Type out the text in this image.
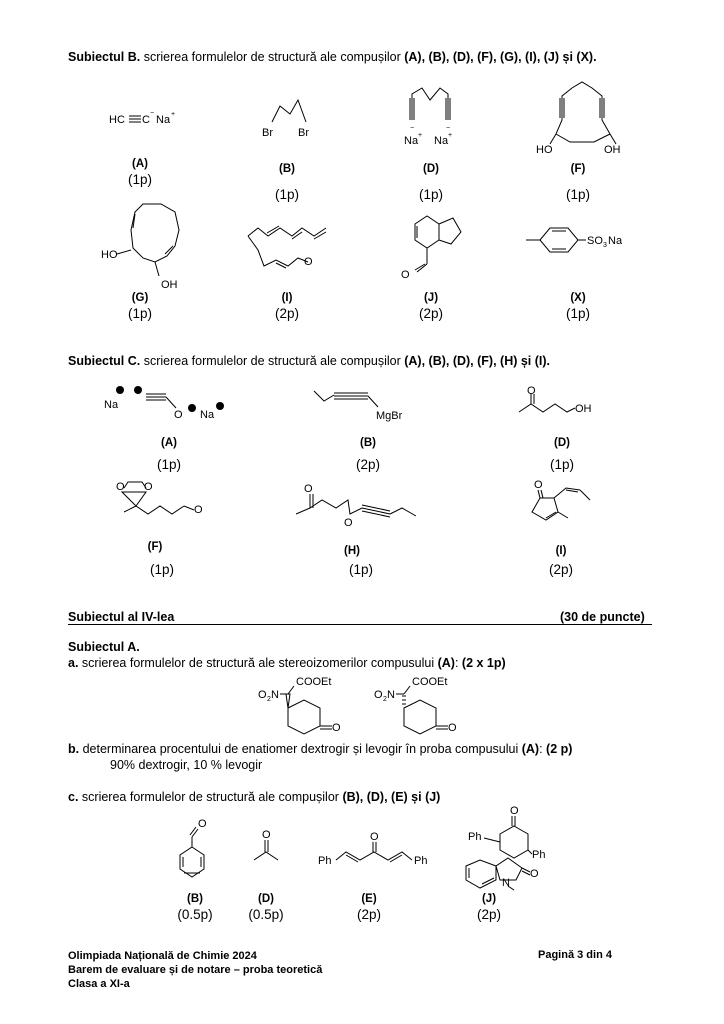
Subiectul B. scrierea formulelor de structură ale compușilor (A), (B), (D), (F), (G), (I), (J) și (X).
HC C
−
Na +
Br Br	−	−
Na + Na +
HO	OH
(A)
(1p)
(B)
(1p)
(D)
(1p)
(F)
(1p)
HO
OH
O
O
SO 3 Na
(G)
(1p)
(I)
(2p)
(J)
(2p)
(X)
(1p)
Subiectul C. scrierea formulelor de structură ale compușilor (A), (B), (D), (F), (H) și (I).
Na
O Na	MgBr
O
OH
(A)
(1p)
(B)
(2p)
(D)
(1p)
O O
O
O
O
O
(F)
(1p)
(H)
(1p)
(I)
(2p)
Subiectul al IV-lea	(30 de puncte)
Subiectul A.
a. scrierea formulelor de structură ale stereoizomerilor compusului (A): (2 x 1p)
COOEt
O 2 N
O
COOEt
O 2 N
O
b. determinarea procentului de enatiomer dextrogir și levogir în proba compusului (A): (2 p)
90% dextrogir, 10 % levogir
c. scrierea formulelor de structură ale compușilor (B), (D), (E) și (J)
O
O	O
Ph	Ph
O
Ph
Ph
O
N
(B)
(0.5p)
(D)
(0.5p)
(E)
(2p)
(J)
(2p)
Olimpiada Națională de Chimie 2024
Barem de evaluare și de notare – proba teoretică
Clasa a XI-a
Pagină 3 din 4
